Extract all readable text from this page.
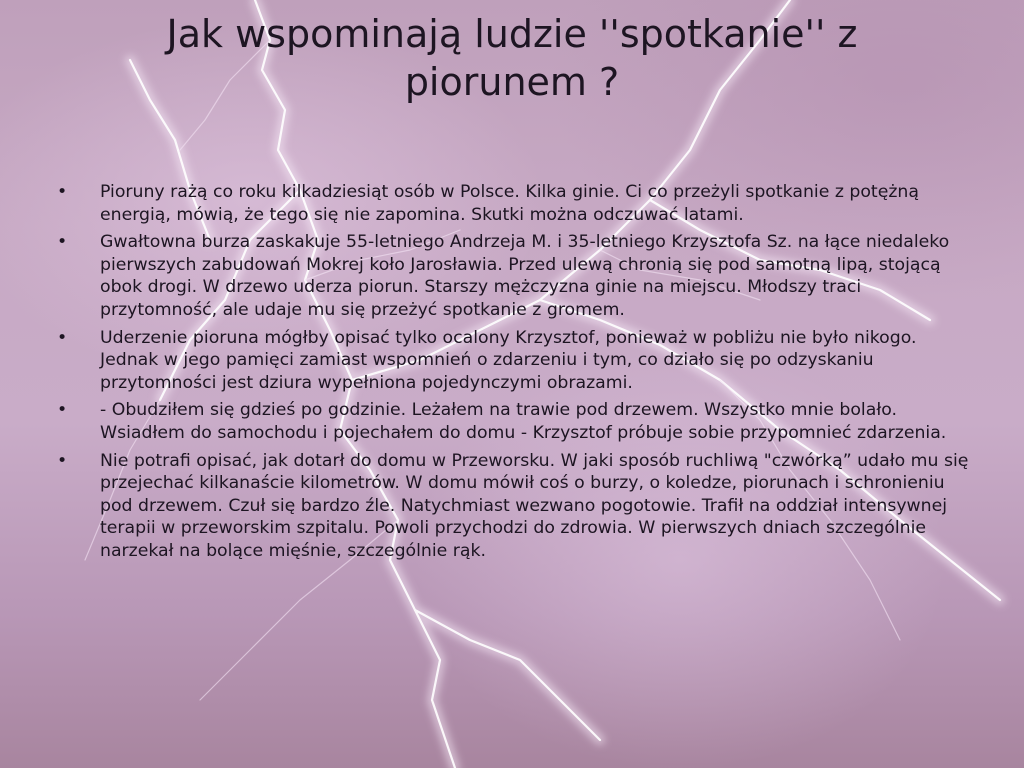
Jak wspominają ludzie ''spotkanie'' z piorunem ?
•	Pioruny rażą co roku kilkadziesiąt osób w Polsce. Kilka ginie. Ci co przeżyli spotkanie z potężną energią, mówią, że tego się nie zapomina. Skutki można odczuwać latami.
•	Gwałtowna burza zaskakuje 55-letniego Andrzeja M. i 35-letniego Krzysztofa Sz. na łące niedaleko pierwszych zabudowań Mokrej koło Jarosławia. Przed ulewą chronią się pod samotną lipą, stojącą obok drogi. W drzewo uderza piorun. Starszy mężczyzna ginie na miejscu. Młodszy traci przytomność, ale udaje mu się przeżyć spotkanie z gromem.
•	Uderzenie pioruna mógłby opisać tylko ocalony Krzysztof, ponieważ w pobliżu nie było nikogo. Jednak w jego pamięci zamiast wspomnień o zdarzeniu i tym, co działo się po odzyskaniu przytomności jest dziura wypełniona pojedynczymi obrazami.
•	- Obudziłem się gdzieś po godzinie. Leżałem na trawie pod drzewem. Wszystko mnie bolało. Wsiadłem do samochodu i pojechałem do domu - Krzysztof próbuje sobie przypomnieć zdarzenia.
•	Nie potrafi opisać, jak dotarł do domu w Przeworsku. W jaki sposób ruchliwą "czwórką” udało mu się przejechać kilkanaście kilometrów. W domu mówił coś o burzy, o koledze, piorunach i schronieniu pod drzewem. Czuł się bardzo źle. Natychmiast wezwano pogotowie. Trafił na oddział intensywnej terapii w przeworskim szpitalu. Powoli przychodzi do zdrowia. W pierwszych dniach szczególnie narzekał na bolące mięśnie, szczególnie rąk.
